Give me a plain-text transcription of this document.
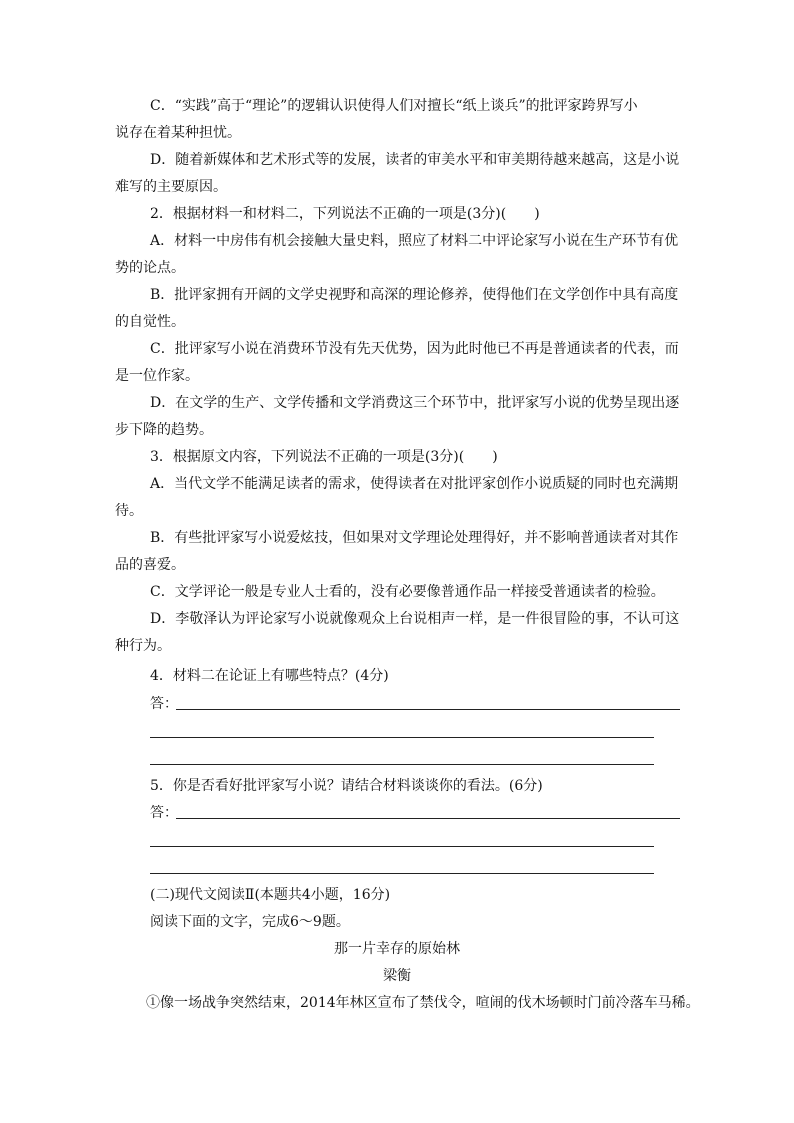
C．“实践”高于“理论”的逻辑认识使得人们对擅长“纸上谈兵”的批评家跨界写小
说存在着某种担忧。
D．随着新媒体和艺术形式等的发展，读者的审美水平和审美期待越来越高，这是小说
难写的主要原因。
2．根据材料一和材料二，下列说法不正确的一项是(3分)(　　)
A．材料一中房伟有机会接触大量史料，照应了材料二中评论家写小说在生产环节有优
势的论点。
B．批评家拥有开阔的文学史视野和高深的理论修养，使得他们在文学创作中具有高度
的自觉性。
C．批评家写小说在消费环节没有先天优势，因为此时他已不再是普通读者的代表，而
是一位作家。
D．在文学的生产、文学传播和文学消费这三个环节中，批评家写小说的优势呈现出逐
步下降的趋势。
3．根据原文内容，下列说法不正确的一项是(3分)(　　)
A．当代文学不能满足读者的需求，使得读者在对批评家创作小说质疑的同时也充满期
待。
B．有些批评家写小说爱炫技，但如果对文学理论处理得好，并不影响普通读者对其作
品的喜爱。
C．文学评论一般是专业人士看的，没有必要像普通作品一样接受普通读者的检验。
D．李敬泽认为评论家写小说就像观众上台说相声一样，是一件很冒险的事，不认可这
种行为。
4．材料二在论证上有哪些特点？(4分)
答：
5．你是否看好批评家写小说？请结合材料谈谈你的看法。(6分)
答：
(二)现代文阅读Ⅱ(本题共4小题，16分)
阅读下面的文字，完成6～9题。
那一片幸存的原始林
梁衡
①像一场战争突然结束，2014年林区宣布了禁伐令，喧闹的伐木场顿时门前冷落车马稀。
